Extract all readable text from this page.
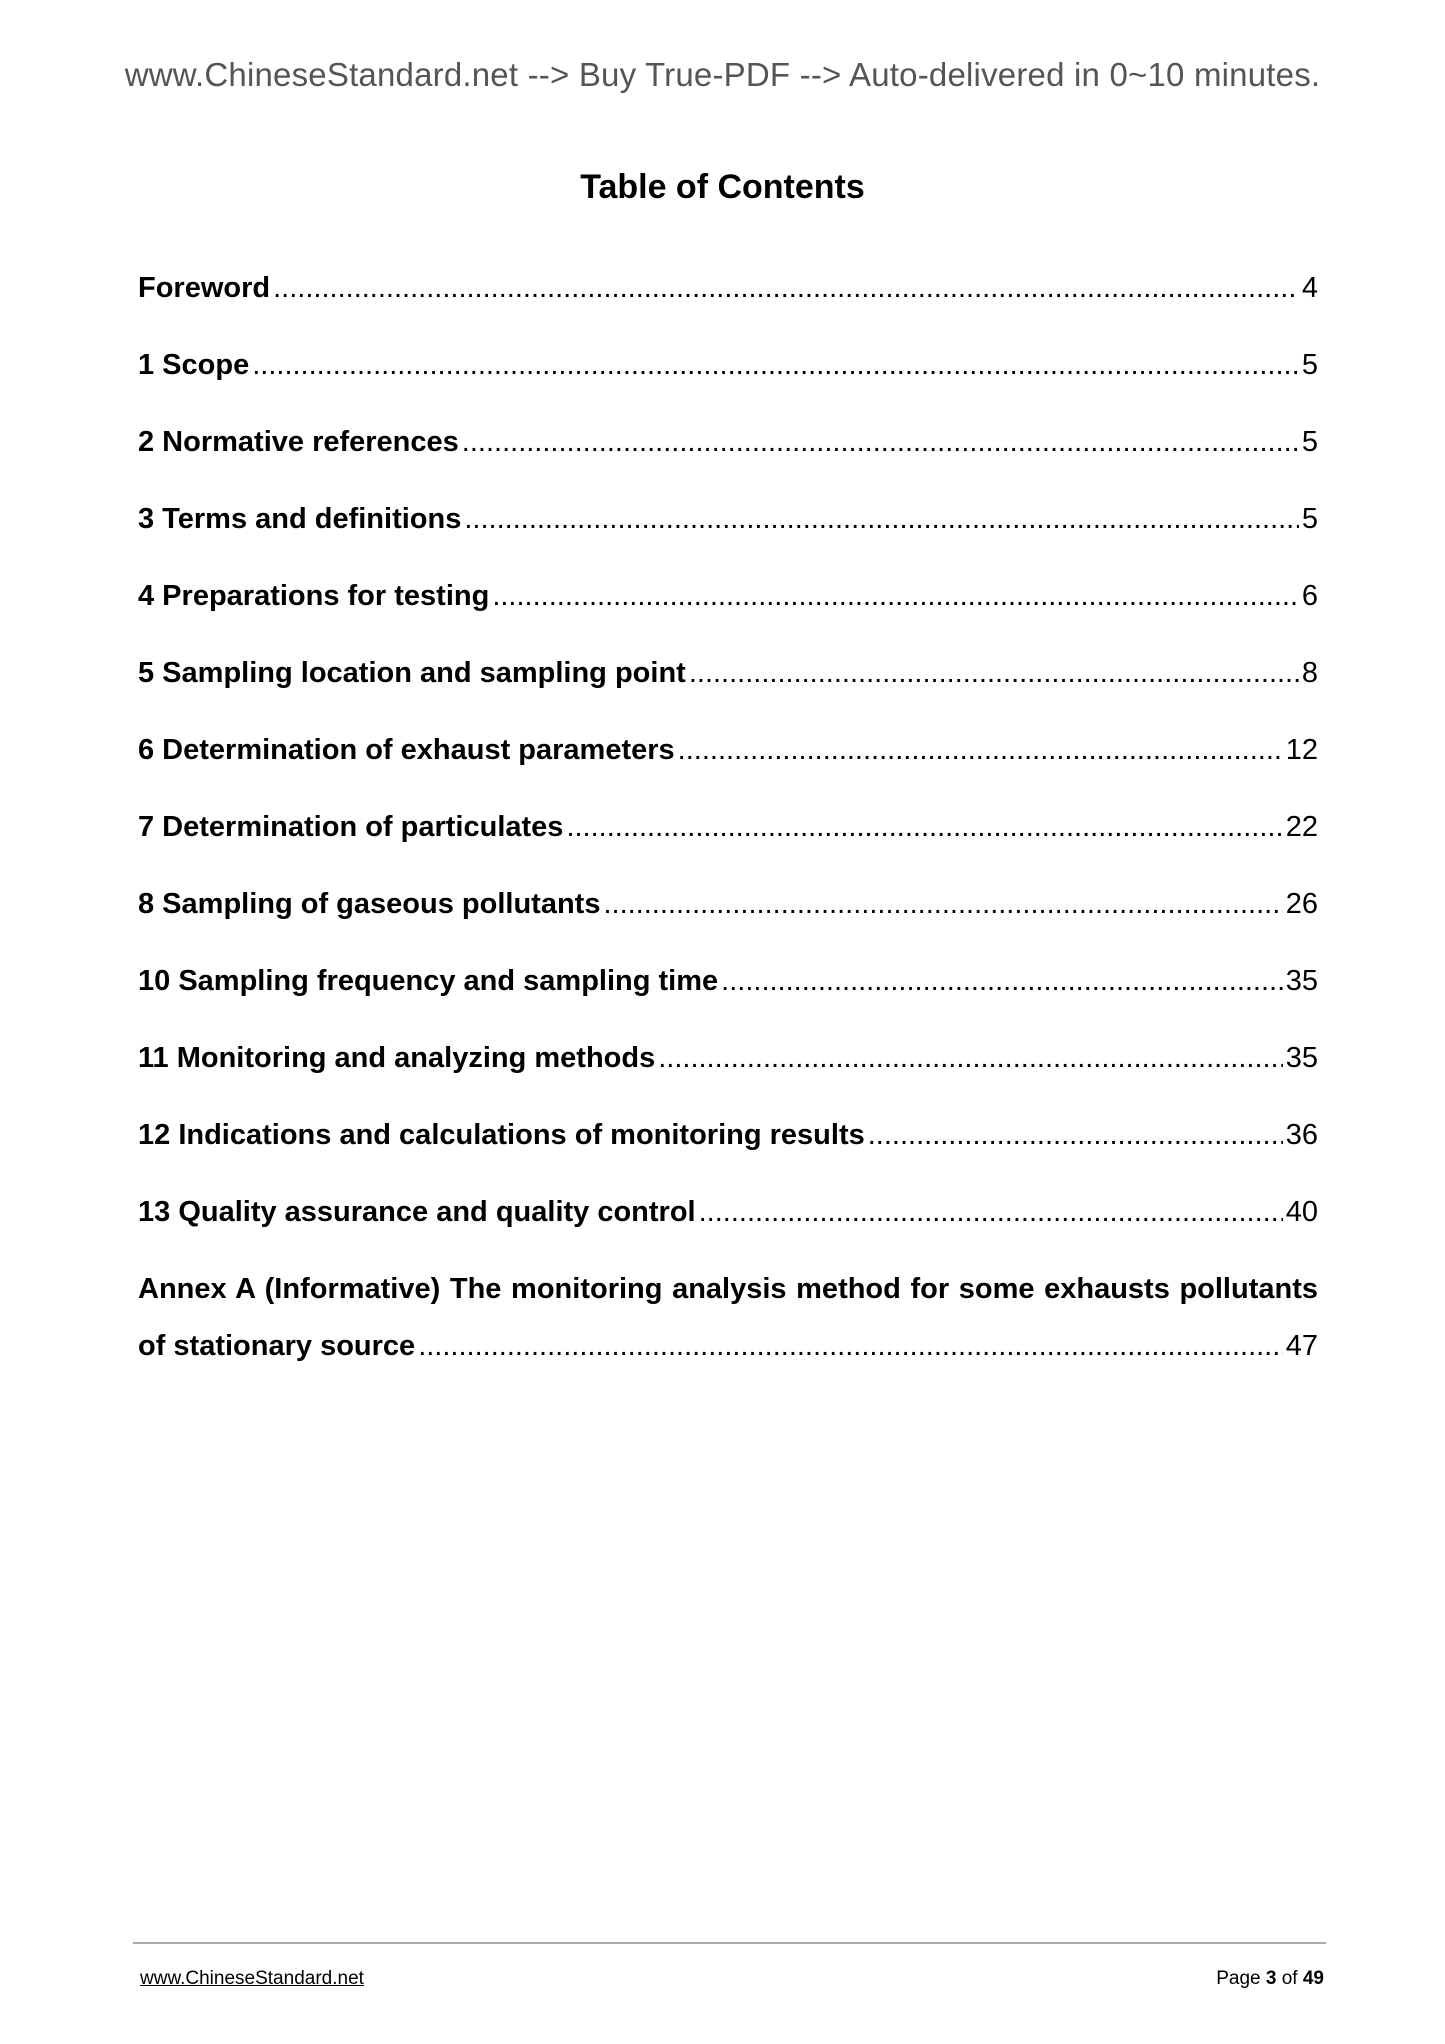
www.ChineseStandard.net --> Buy True-PDF --> Auto-delivered in 0~10 minutes.
Table of Contents
Foreword .....	4
1 Scope .....	5
2 Normative references .....	5
3 Terms and definitions .....	5
4 Preparations for testing .....	6
5 Sampling location and sampling point .....	8
6 Determination of exhaust parameters .....	12
7 Determination of particulates .....	22
8 Sampling of gaseous pollutants .....	26
10 Sampling frequency and sampling time .....	35
11 Monitoring and analyzing methods .....	35
12 Indications and calculations of monitoring results .....	36
13 Quality assurance and quality control .....	40
Annex A (Informative) The monitoring analysis method for some exhausts pollutants
of stationary source .....	47
www.ChineseStandard.net	Page 3 of 49
